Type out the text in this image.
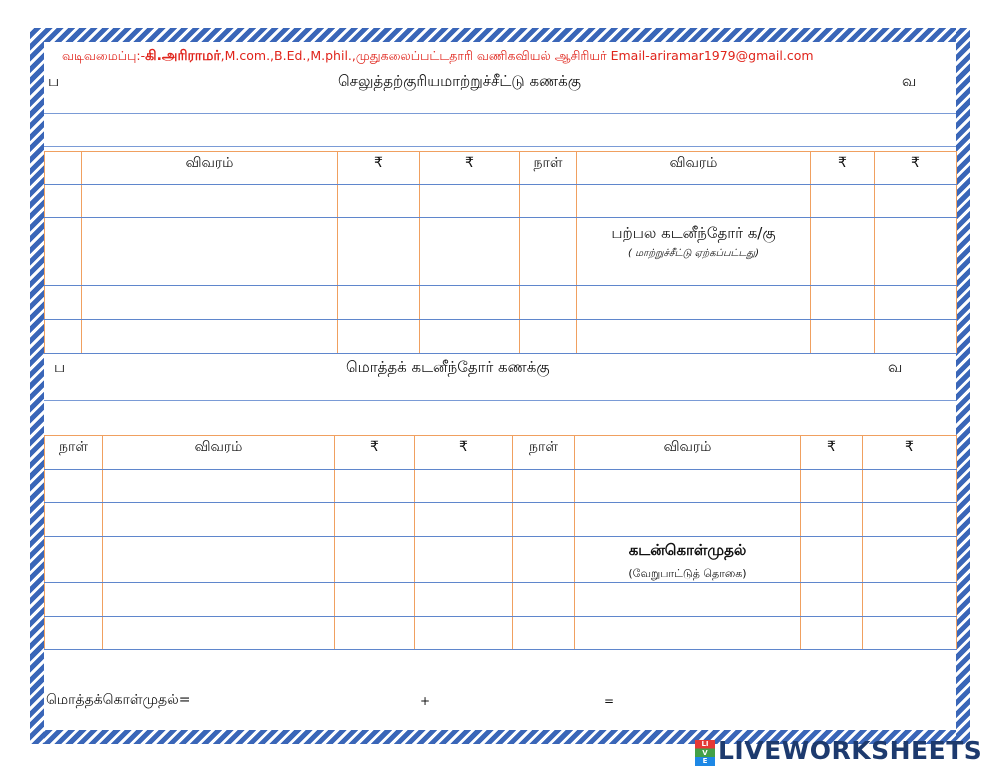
வடிவமைப்பு:-கி.அரிராமர்,M.com.,B.Ed.,M.phil.,முதுகலைப்பட்டதாரி வணிகவியல் ஆசிரியர் Email-ariramar1979@gmail.com
ப	செலுத்தற்குரியமாற்றுச்சீட்டு கணக்கு	வ
	விவரம்	₹	₹	நாள்	விவரம்	₹	₹

					பற்பல கடனீந்தோர் க/கு
( மாற்றுச்சீட்டு ஏற்கப்பட்டது)		

ப	மொத்தக் கடனீந்தோர் கணக்கு	வ
நாள்	விவரம்	₹	₹	நாள்	விவரம்	₹	₹

					கடன்கொள்முதல்
(வேறுபாட்டுத் தொகை)		

மொத்தக்கொள்முதல்=	+	=
LIVE LIVEWORKSHEETS
